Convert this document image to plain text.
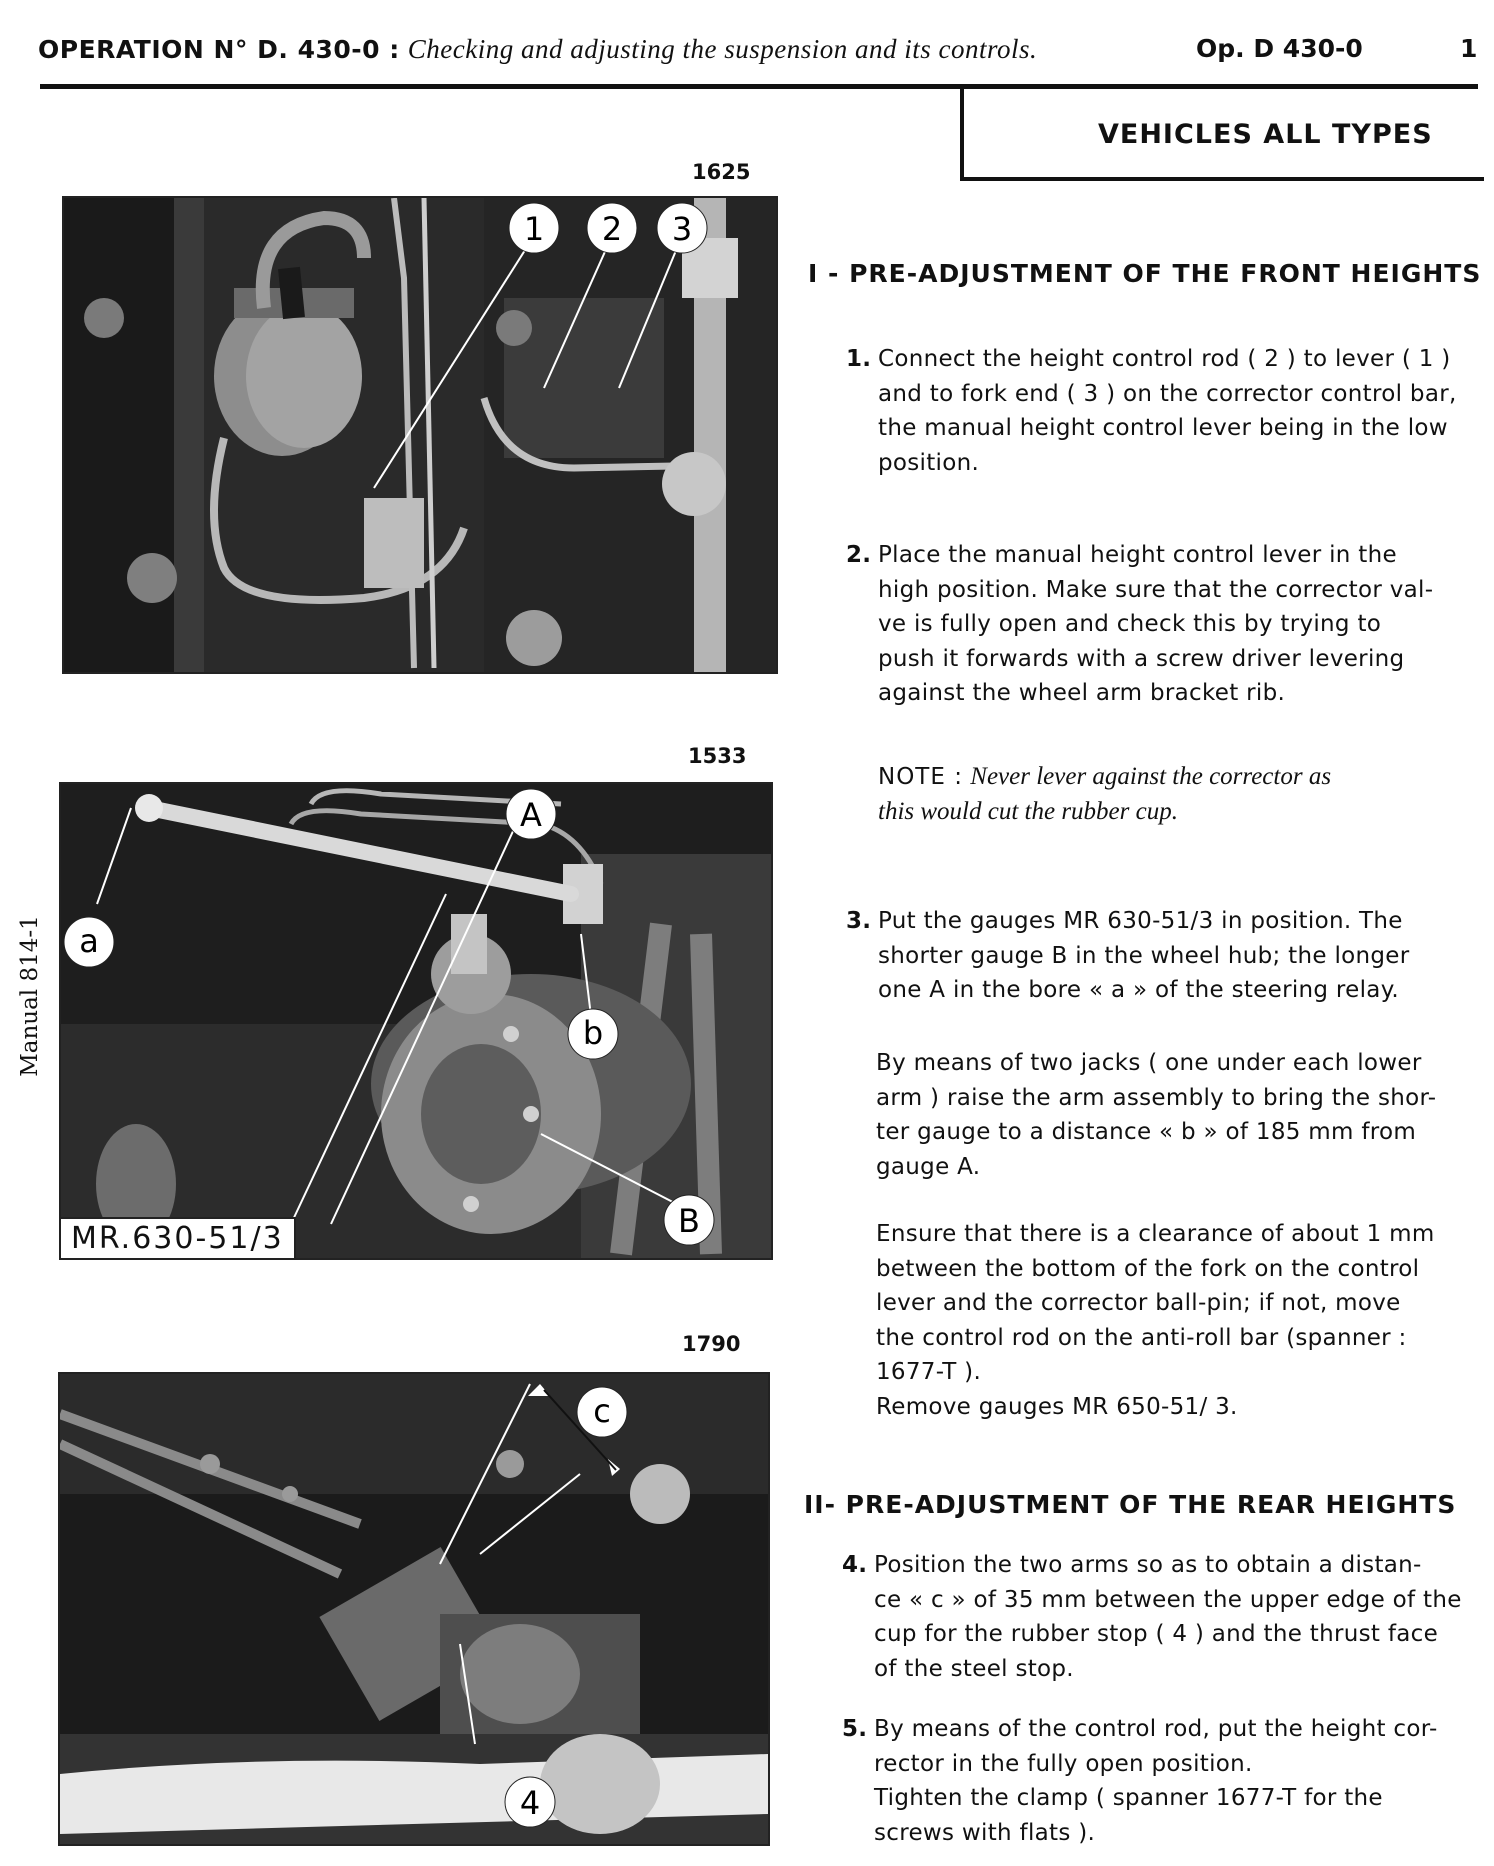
OPERATION N° D. 430-0 : Checking and adjusting the suspension and its controls.	Op. D 430-0	1
VEHICLES ALL TYPES
Manual 814-1
1625
1 2 3
1533
A
a
b
B
MR.630-51/3
1790
c
4
I - PRE-ADJUSTMENT OF THE FRONT HEIGHTS
1. Connect the height control rod ( 2 ) to lever ( 1 )
and to fork end ( 3 ) on the corrector control bar,
the manual height control lever being in the low
position.
2. Place the manual height control lever in the
high position. Make sure that the corrector val-
ve is fully open and check this by trying to
push it forwards with a screw driver levering
against the wheel arm bracket rib.
NOTE : Never lever against the corrector as
this would cut the rubber cup.
3. Put the gauges MR 630-51/3 in position. The
shorter gauge B in the wheel hub; the longer
one A in the bore « a » of the steering relay.
By means of two jacks ( one under each lower
arm ) raise the arm assembly to bring the shor-
ter gauge to a distance « b » of 185 mm from
gauge A.
Ensure that there is a clearance of about 1 mm
between the bottom of the fork on the control
lever and the corrector ball-pin; if not, move
the control rod on the anti-roll bar (spanner :
1677-T ).
Remove gauges MR 650-51/ 3.
II- PRE-ADJUSTMENT OF THE REAR HEIGHTS
4. Position the two arms so as to obtain a distan-
ce « c » of 35 mm between the upper edge of the
cup for the rubber stop ( 4 ) and the thrust face
of the steel stop.
5. By means of the control rod, put the height cor-
rector in the fully open position.
Tighten the clamp ( spanner 1677-T for the
screws with flats ).
